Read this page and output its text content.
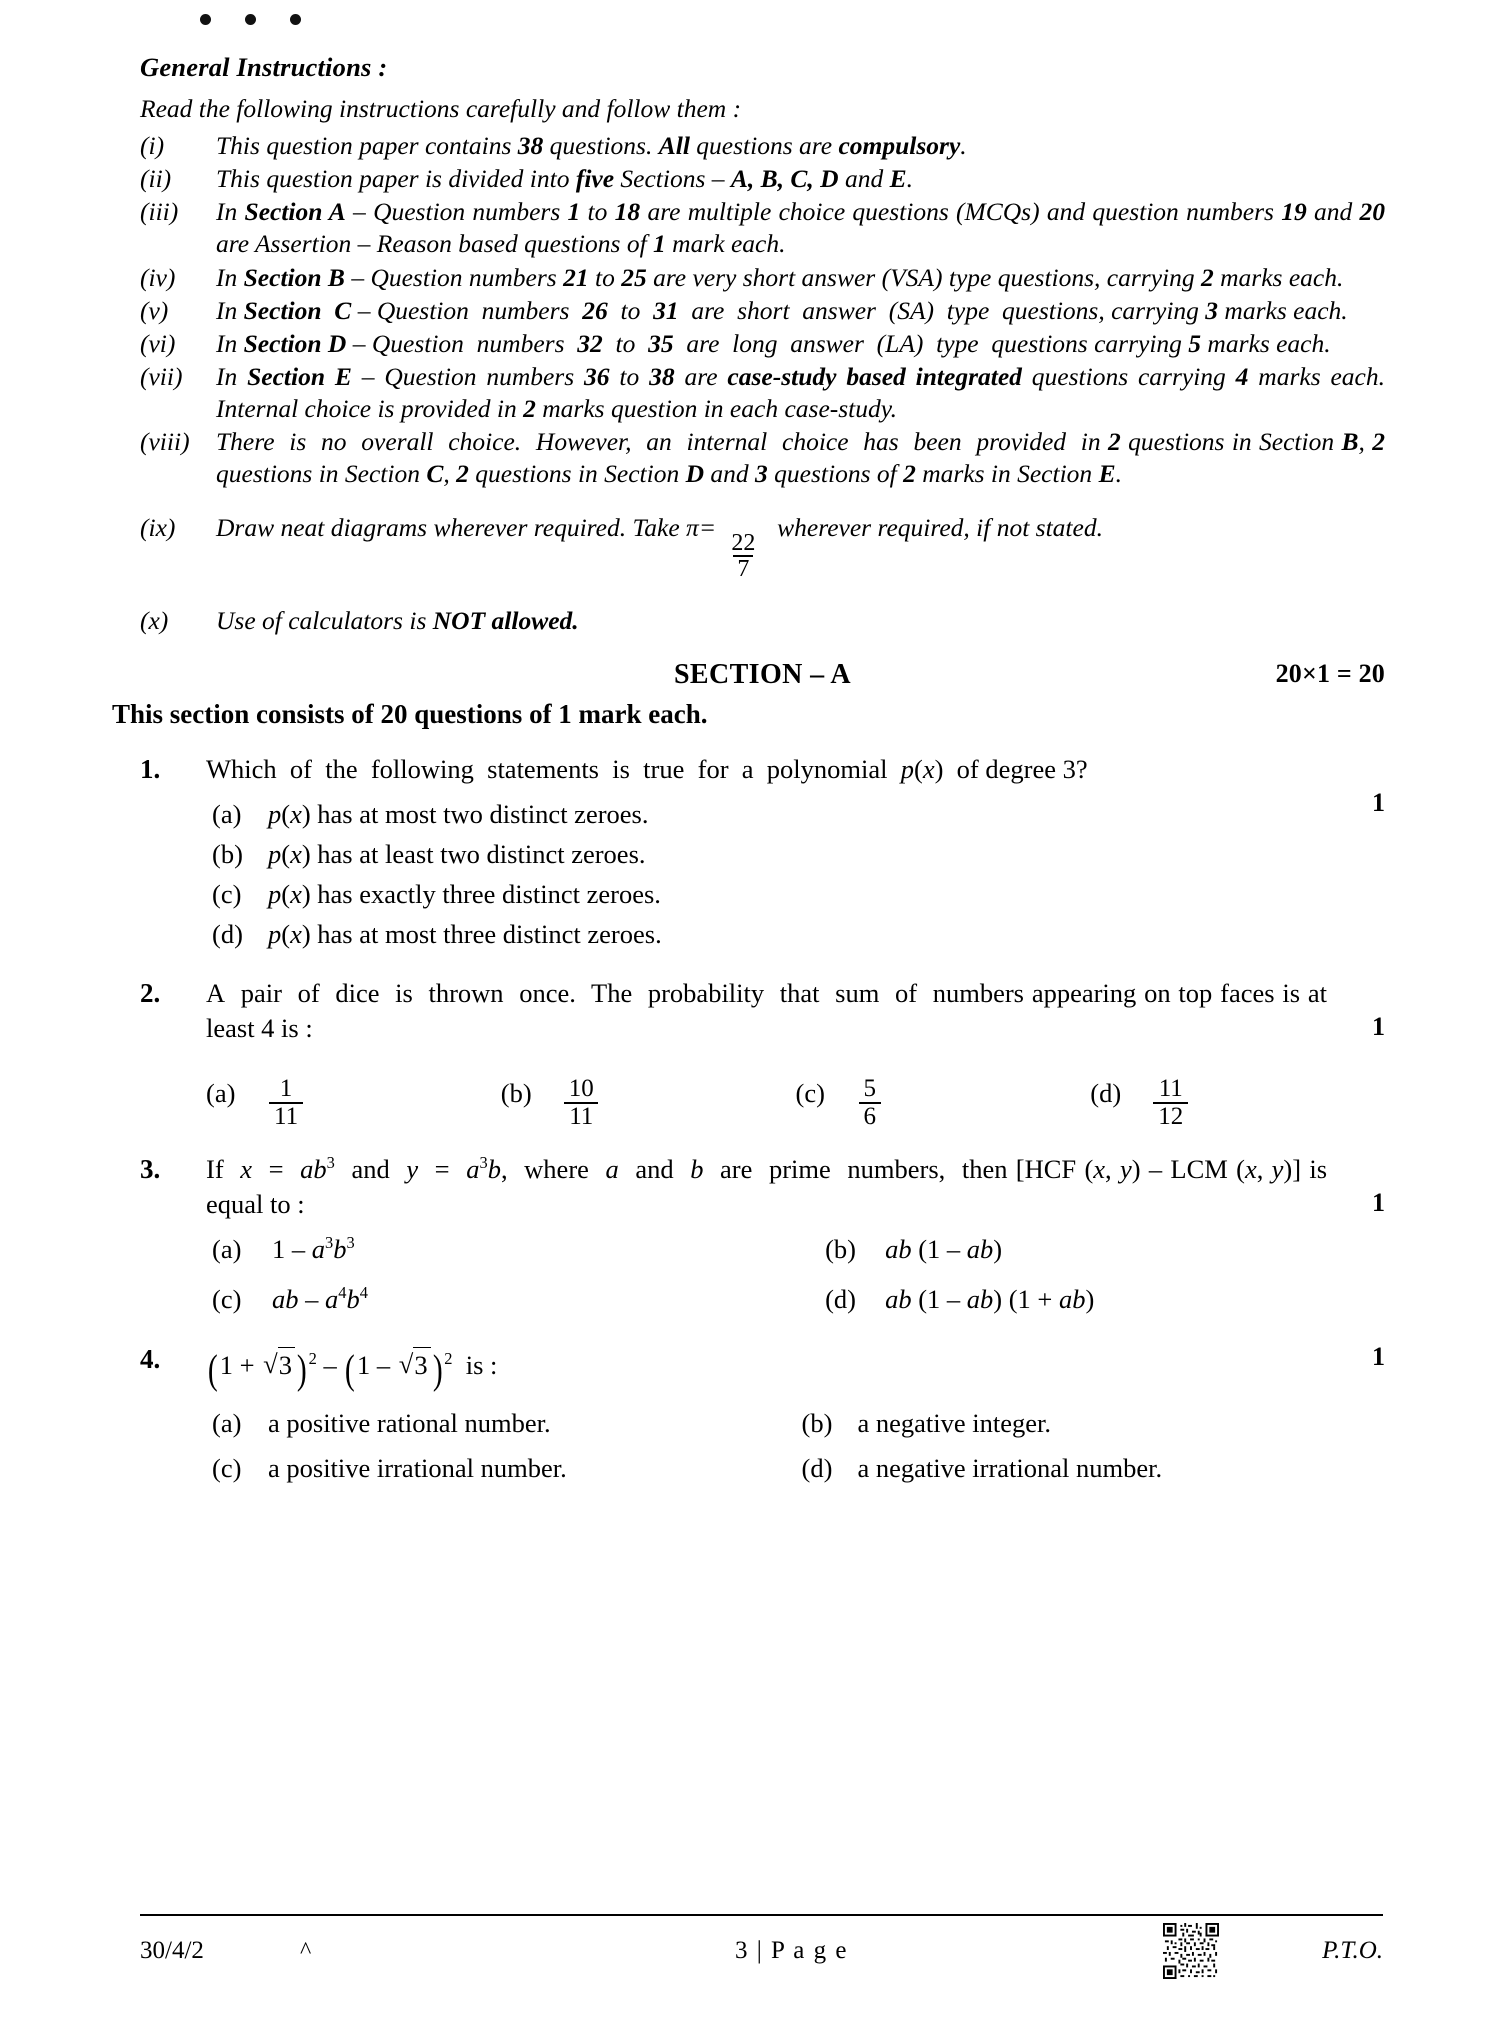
General Instructions :
Read the following instructions carefully and follow them :
(i)	This question paper contains 38 questions. All questions are compulsory.
(ii)	This question paper is divided into five Sections – A, B, C, D and E.
(iii)	In Section A – Question numbers 1 to 18 are multiple choice questions (MCQs) and question numbers 19 and 20 are Assertion – Reason based questions of 1 mark each.
(iv)	In Section B – Question numbers 21 to 25 are very short answer (VSA) type questions, carrying 2 marks each.
(v)	In Section  C – Question  numbers  26  to  31  are  short  answer  (SA)  type  questions, carrying 3 marks each.
(vi)	In Section D – Question  numbers  32  to  35  are  long  answer  (LA)  type  questions carrying 5 marks each.
(vii)	In Section E – Question numbers 36 to 38 are case-study based integrated questions carrying 4 marks each. Internal choice is provided in 2 marks question in each case-study.
(viii)	There  is  no  overall  choice.  However,  an  internal  choice  has  been  provided  in 2 questions in Section B, 2 questions in Section C, 2 questions in Section D and 3 questions of 2 marks in Section E.
(ix)	Draw neat diagrams wherever required. Take π=
$\frac{22}{7}$
wherever required, if not stated.
(x)	Use of calculators is NOT allowed.
SECTION – A	20×1 = 20
This section consists of 20 questions of 1 mark each.
1.	Which  of  the  following  statements  is  true  for  a  polynomial  p(x)  of degree 3?
(a)	p(x) has at most two distinct zeroes.
(b) p(x) has at least two distinct zeroes.
(c)	p(x) has exactly three distinct zeroes.
(d) p(x) has at most three distinct zeroes.
1
2.	A  pair  of  dice  is  thrown  once.  The  probability  that  sum  of  numbers appearing on top faces is at least 4 is :
(a)	$\frac{1}{11}$	(b)	$\frac{10}{11}$	(c)	$\frac{5}{6}$	(d)	$\frac{11}{12}$
1
3.	If  $x = ab^3$  and  $y = a^3b$,  where  a  and  b  are  prime  numbers,  then [HCF (x, y) – LCM (x, y)] is equal to :
(a)	$1 - a^3b^3$	(b)	ab (1 – ab)
(c)	ab – $a^4b^4$	(d)	ab (1 – ab) (1 + ab)
1
4.	(1 + √3 ) $^2$ – (1 – √3 ) $^2$  is :
(a)	a positive rational number.	(b) a negative integer.
(c)	a positive irrational number.	(d) a negative irrational number.
1
30/4/2	^	3 | P a g e	P.T.O.
